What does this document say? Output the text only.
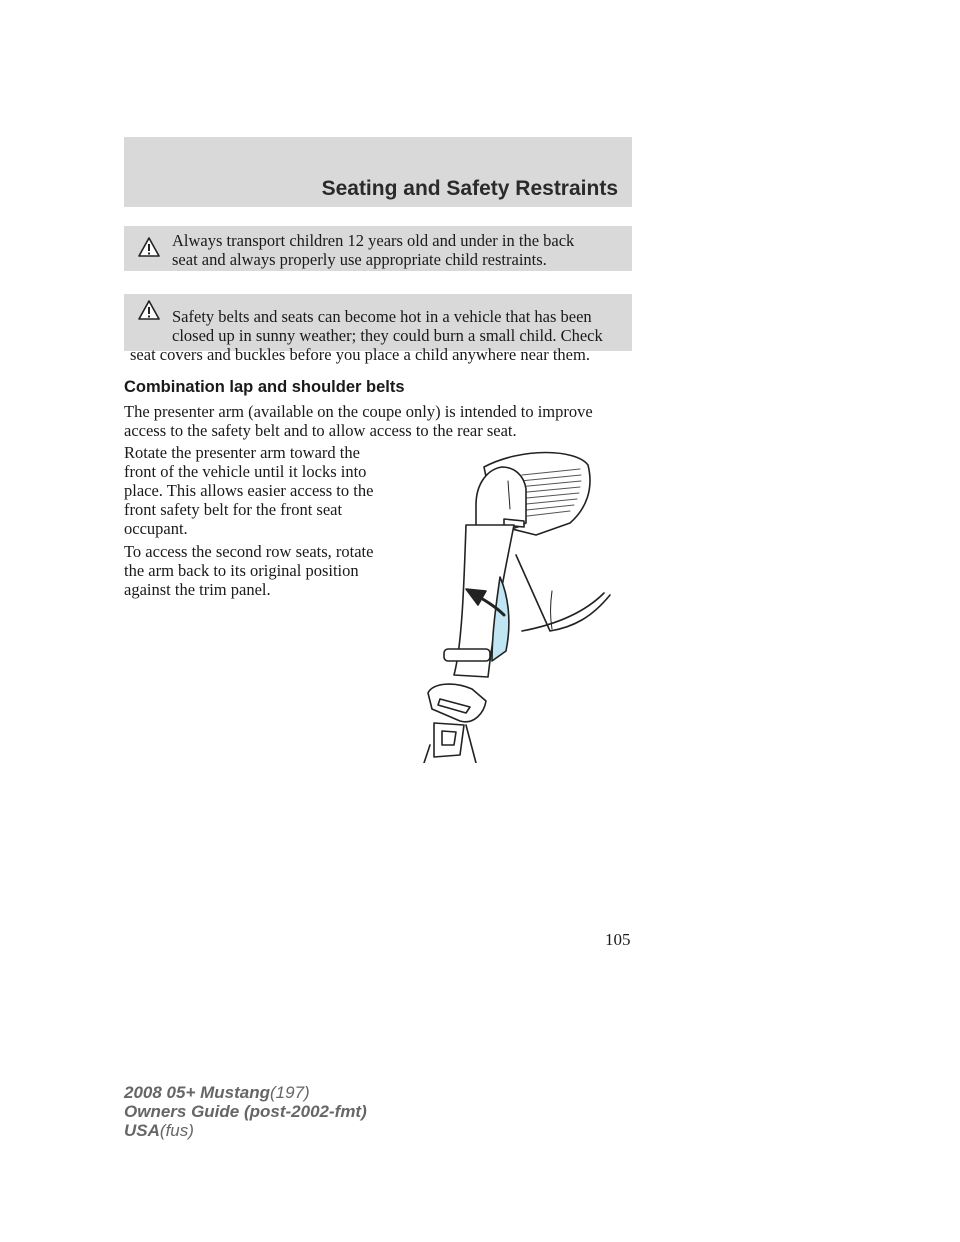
Seating and Safety Restraints
Always transport children 12 years old and under in the back
seat and always properly use appropriate child restraints.
Safety belts and seats can become hot in a vehicle that has been
closed up in sunny weather; they could burn a small child. Check
seat covers and buckles before you place a child anywhere near them.
Combination lap and shoulder belts
The presenter arm (available on the coupe only) is intended to improve access to the safety belt and to allow access to the rear seat.
Rotate the presenter arm toward the front of the vehicle until it locks into place. This allows easier access to the front safety belt for the front seat occupant.
To access the second row seats, rotate the arm back to its original position against the trim panel.
105
2008 05+ Mustang(197)
Owners Guide (post-2002-fmt)
USA(fus)
